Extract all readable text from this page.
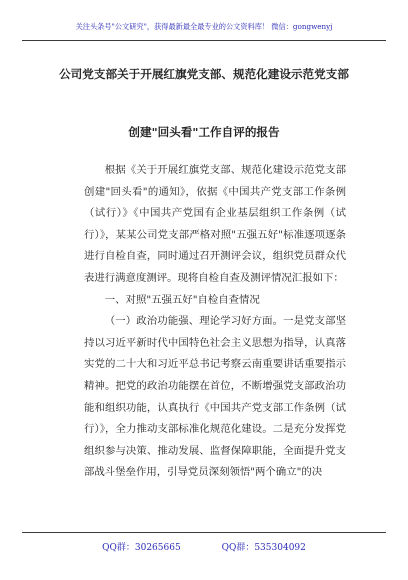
关注头条号"公文研究"，获得最新最全最专业的公文资料库！ 微信：gongwenyj
公司党支部关于开展红旗党支部、规范化建设示范党支部
创建"回头看"工作自评的报告

根据《关于开展红旗党支部、规范化建设示范党支部创建"回头看"的通知》，依据《中国共产党支部工作条例（试行）》《中国共产党国有企业基层组织工作条例（试行）》，某某公司党支部严格对照"五强五好"标准逐项逐条进行自检自查，同时通过召开测评会议，组织党员群众代表进行满意度测评。现将自检自查及测评情况汇报如下：

一、对照"五强五好"自检自查情况

（一）政治功能强、理论学习好方面。一是党支部坚持以习近平新时代中国特色社会主义思想为指导，认真落实党的二十大和习近平总书记考察云南重要讲话重要指示精神。把党的政治功能摆在首位，不断增强党支部政治功能和组织功能，认真执行《中国共产党支部工作条例（试行）》，全力推动支部标准化规范化建设。二是充分发挥党组织参与决策、推动发展、监督保障职能，全面提升党支部战斗堡垒作用，引导党员深刻领悟"两个确立"的决

QQ群：30265665	QQ群：535304092
